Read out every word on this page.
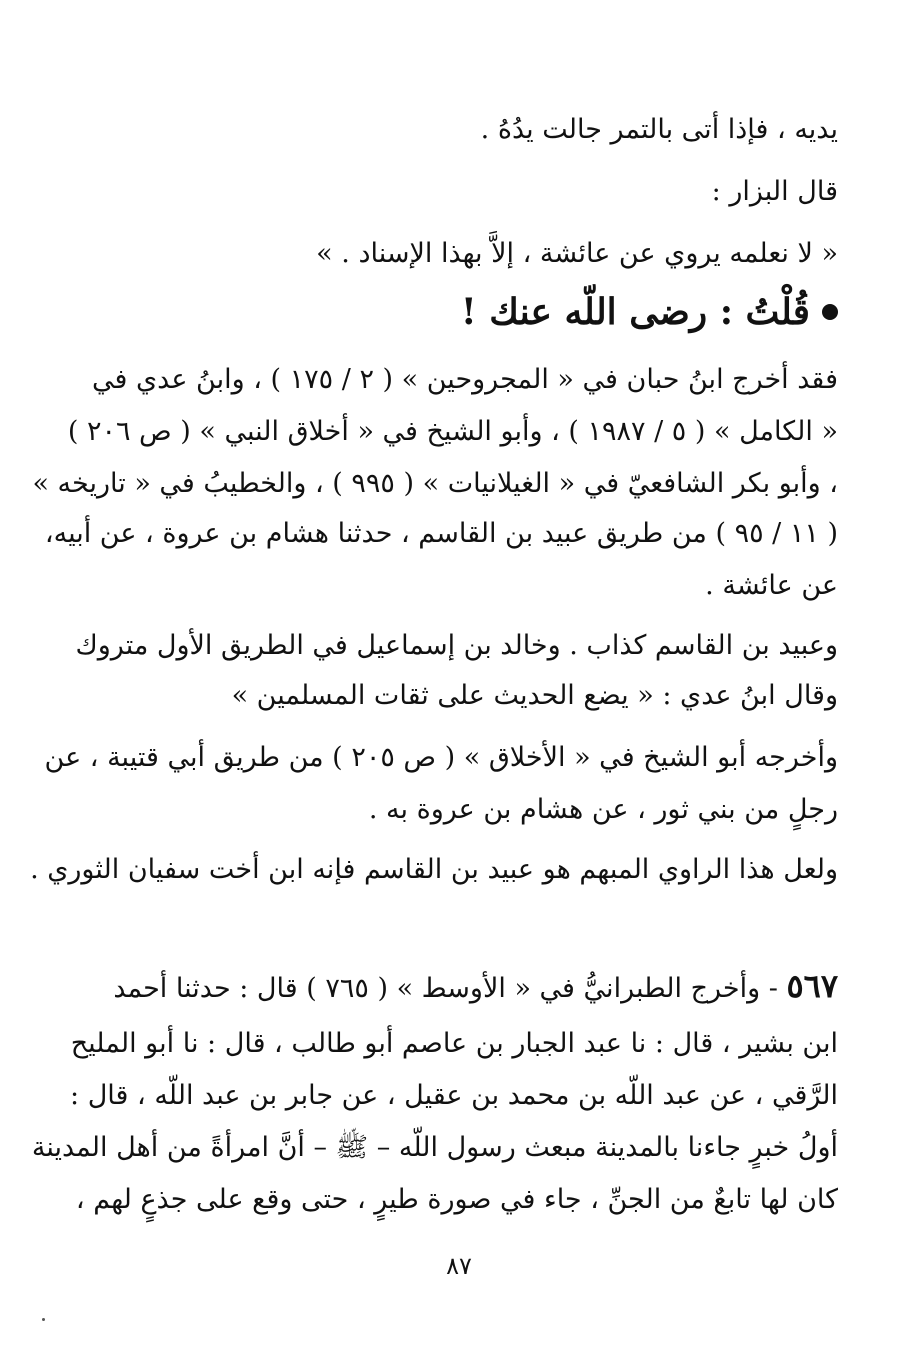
يديه ، فإذا أتى بالتمر جالت يدُهُ .
قال البزار :
« لا نعلمه يروي عن عائشة ، إلاَّ بهذا الإسناد . »
قُلْتُ : رضى اللّه عنك !
فقد أخرج ابنُ حبان في « المجروحين » ( ٢ / ١٧٥ ) ، وابنُ عدي في
« الكامل » ( ٥ / ١٩٨٧ ) ، وأبو الشيخ في « أخلاق النبي » ( ص ٢٠٦ )
، وأبو بكر الشافعيّ في « الغيلانيات » ( ٩٩٥ ) ، والخطيبُ في « تاريخه »
( ١١ / ٩٥ ) من طريق عبيد بن القاسم ، حدثنا هشام بن عروة ، عن أبيه،
عن عائشة .
وعبيد بن القاسم كذاب . وخالد بن إسماعيل في الطريق الأول متروك
وقال ابنُ عدي : « يضع الحديث على ثقات المسلمين »
وأخرجه أبو الشيخ في « الأخلاق » ( ص ٢٠٥ ) من طريق أبي قتيبة ، عن
رجلٍ من بني ثور ، عن هشام بن عروة به .
ولعل هذا الراوي المبهم هو عبيد بن القاسم فإنه ابن أخت سفيان الثوري .
٥٦٧ - وأخرج الطبرانيُّ في « الأوسط » ( ٧٦٥ ) قال : حدثنا أحمد
ابن بشير ، قال : نا عبد الجبار بن عاصم أبو طالب ، قال : نا أبو المليح
الرَّقي ، عن عبد اللّه بن محمد بن عقيل ، عن جابر بن عبد اللّه ، قال :
أولُ خبرٍ جاءنا بالمدينة مبعث رسول اللّه – ﷺ – أنَّ امرأةً من أهل المدينة
كان لها تابعٌ من الجنِّ ، جاء في صورة طيرٍ ، حتى وقع على جذعٍ لهم ،
٨٧
